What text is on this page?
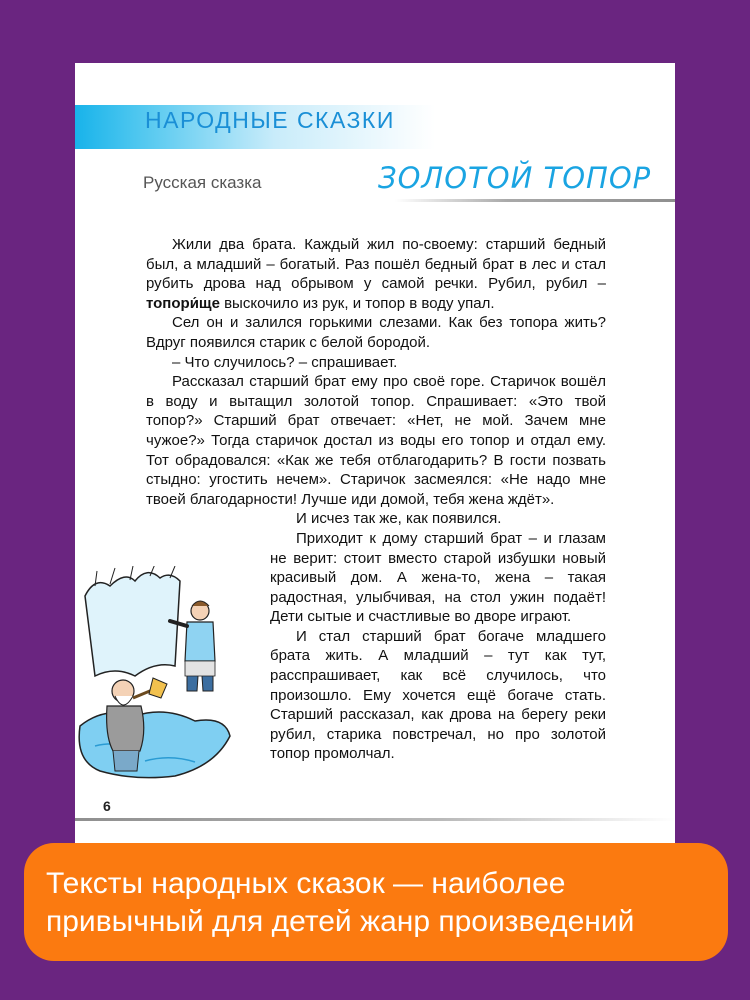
НАРОДНЫЕ СКАЗКИ
Русская сказка	ЗОЛОТОЙ ТОПОР

Жили два брата. Каждый жил по-своему: старший бедный был, а младший – богатый. Раз пошёл бедный брат в лес и стал рубить дрова над обрывом у самой речки. Рубил, рубил – топори́ще выскочило из рук, и топор в воду упал.

Сел он и залился горькими слезами. Как без топора жить? Вдруг появился старик с белой бородой.

– Что случилось? – спрашивает.

Рассказал старший брат ему про своё горе. Старичок вошёл в воду и вытащил золотой топор. Спрашивает: «Это твой топор?» Старший брат отвечает: «Нет, не мой. Зачем мне чужое?» Тогда старичок достал из воды его топор и отдал ему. Тот обрадовался: «Как же тебя отблагодарить? В гости позвать стыдно: угостить нечем». Старичок засмеялся: «Не надо мне твоей благодарности! Лучше иди домой, тебя жена ждёт».

И исчез так же, как появился.

Приходит к дому старший брат – и глазам не верит: стоит вместо старой избушки новый красивый дом. А жена-то, жена – такая радостная, улыбчивая, на стол ужин подаёт! Дети сытые и счастливые во дворе играют.

И стал старший брат богаче младшего брата жить. А младший – тут как тут, расспрашивает, как всё случилось, что произошло. Ему хочется ещё богаче стать. Старший рассказал, как дрова на берегу реки рубил, старика повстречал, но про золотой топор промолчал.

6
Тексты народных сказок — наиболее привычный для детей жанр произведений
